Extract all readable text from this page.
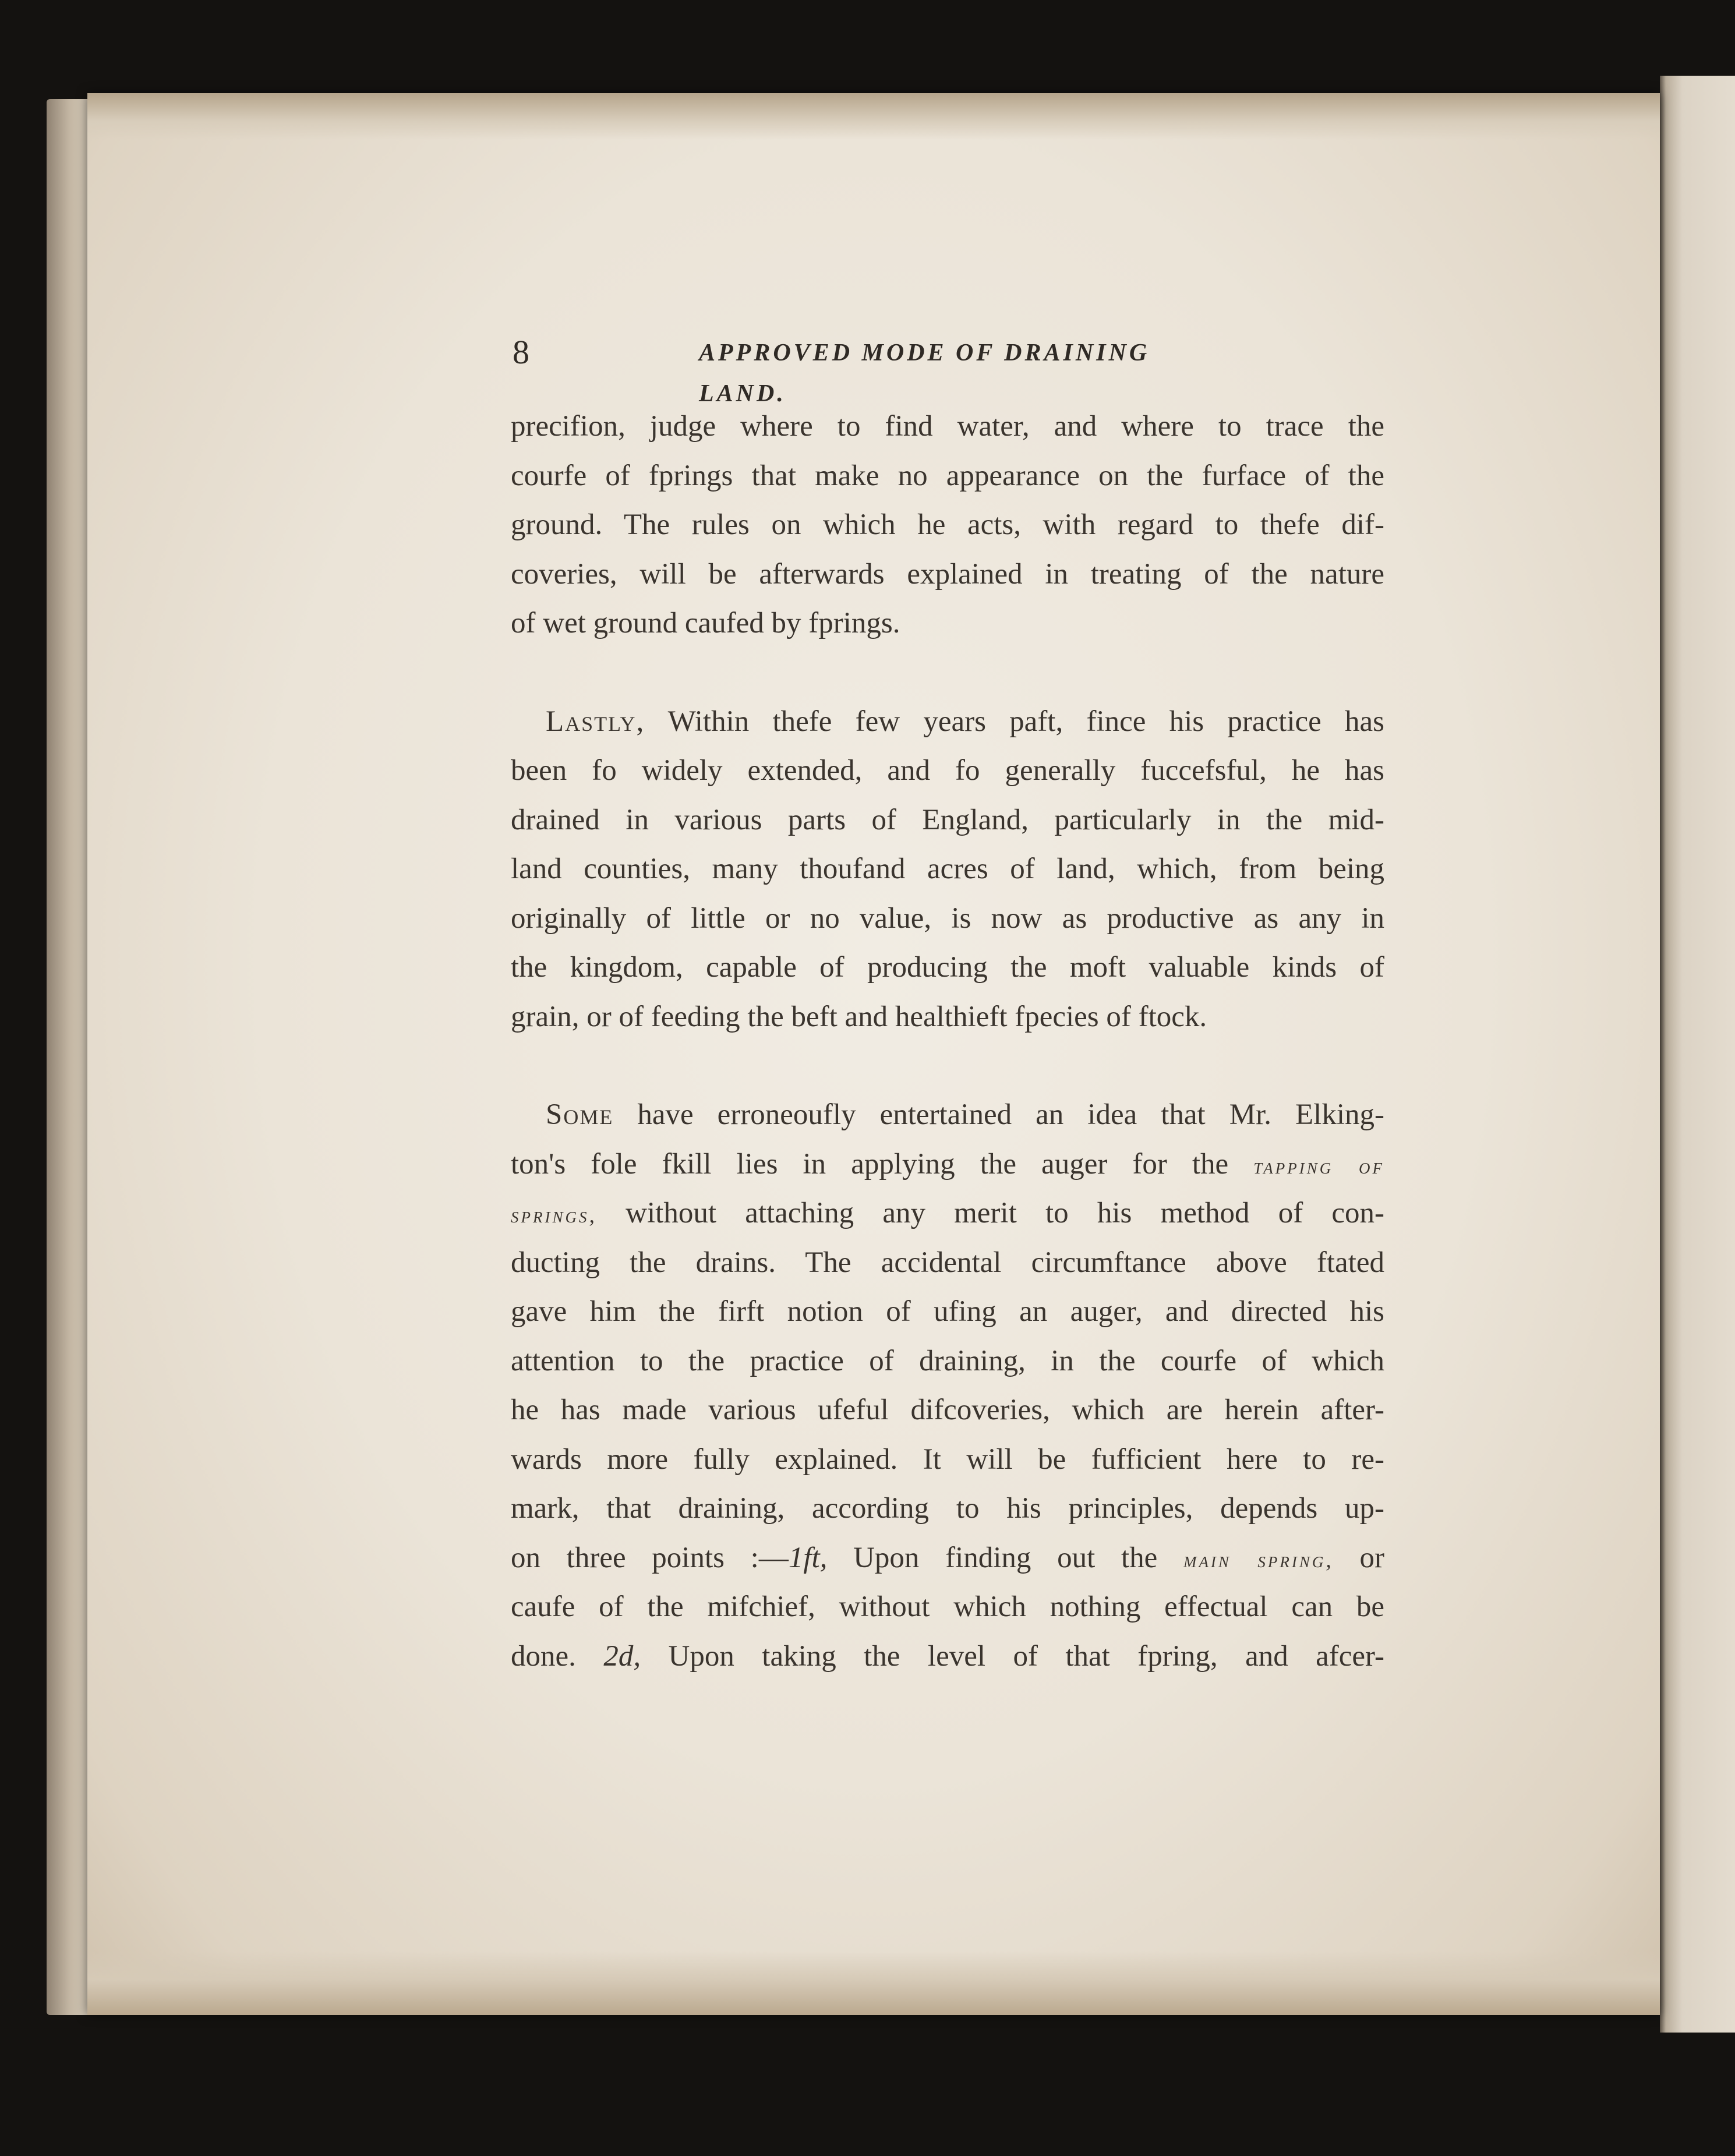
8	APPROVED MODE OF DRAINING LAND.
precifion, judge where to find water, and where to trace the
courfe of fprings that make no appearance on the furface of the
ground. The rules on which he acts, with regard to thefe dif-
coveries, will be afterwards explained in treating of the nature
of wet ground caufed by fprings.
Lastly, Within thefe few years paft, fince his practice has
been fo widely extended, and fo generally fuccefsful, he has
drained in various parts of England, particularly in the mid-
land counties, many thoufand acres of land, which, from being
originally of little or no value, is now as productive as any in
the kingdom, capable of producing the moft valuable kinds of
grain, or of feeding the beft and healthieft fpecies of ftock.
Some have erroneoufly entertained an idea that Mr. Elking-
ton's fole fkill lies in applying the auger for the tapping of
springs, without attaching any merit to his method of con-
ducting the drains. The accidental circumftance above ftated
gave him the firft notion of ufing an auger, and directed his
attention to the practice of draining, in the courfe of which
he has made various ufeful difcoveries, which are herein after-
wards more fully explained. It will be fufficient here to re-
mark, that draining, according to his principles, depends up-
on three points :—1ft, Upon finding out the main spring, or
caufe of the mifchief, without which nothing effectual can be
done. 2d, Upon taking the level of that fpring, and afcer-
